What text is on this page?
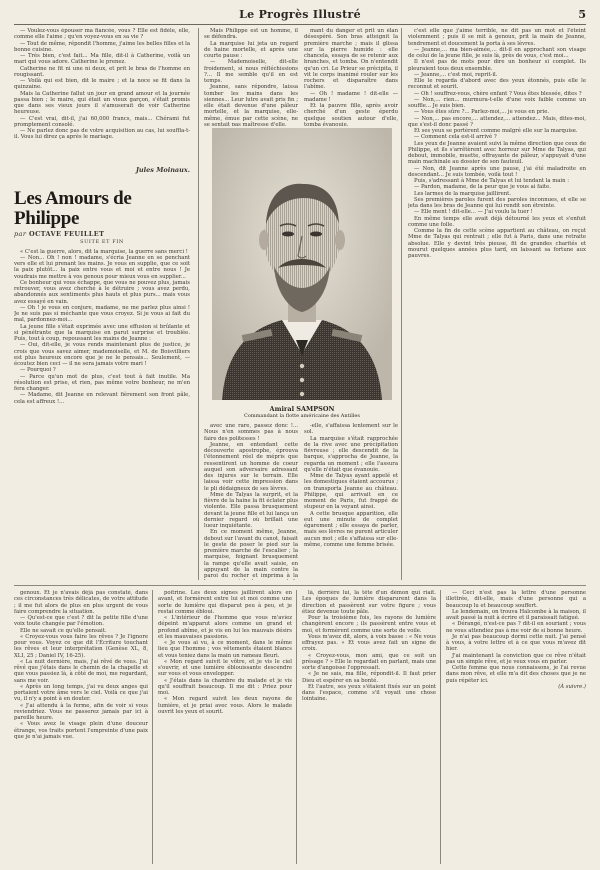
Le Progrès Illustré	5

— Voulez-vous épouser ma fiancée, vous ? Elle est fidèle, elle, comme elle l'aime ; qu'en voyez-vous en sa vie ?

— Tout de même, répondit l'homme, j'aime les belles filles et la bonne cuisine.

— Très bien, c'est fait... Ma fille, dit-il à Catherine, voilà un mari qui vous adore. Catherine le prenez.

Catherine ne fit ni une ni deux, et prit le bras de l'homme en rougissant.

— Voilà qui est bien, dit le maire ; et la noce se fit dans la quinzaine.

Mais la Catherine fallut un jour en grand amour et la journée passa bien ; le maire, qui était un vieux garçon, s'était promis que dans ses vieux jours il s'amuserait de voir Catherine heureuse.

— C'est vrai, dit-il, j'ai 60,000 francs, mais... Chérami fut promptement consolé.

— Ne parlez donc pas de votre acquisition au cas, lui souffla-t-il. Vous lui direz ça après le mariage.

Jules Moinaux.
Les Amours de Philippe
par OCTAVE FEUILLET
SUITE ET FIN

« C'est la guerre, alors, dit la marquise, la guerre sans merci !

— Non... Oh ! non ! madame, s'écria Jeanne en se penchant vers elle et lui prenant les mains. Je vous en supplie, que ce soit la paix plutôt... la paix entre vous et moi et entre nous ! Je voudrais me mettre à vos genoux pour mieux vous en supplier...

Ce bonheur qui vous échappe, que vous ne pouvez plus, jamais retrouver, vous avez cherché à le détruire ; vous avez perdu, abandonnés aux sentiments plus hauts et plus purs... mais vous avez essayé en vain.

— Oh ! je vous en conjure, madame, ne me parlez plus ainsi ! Je ne suis pas si méchante que vous croyez. Si je vous ai fait du mal, pardonnez-moi...

La jeune fille s'était exprimée avec une effusion si brûlante et si pénétrante que la marquise en parut surprise et troublée. Puis, tout à coup, repoussant les mains de Jeanne :

— Oui, dit-elle, je vous rends maintenant plus de justice, je crois que vous savez aimer, mademoiselle, et M. de Boisvilliers est plus heureux encore que je ne le pensais... Seulement, — écoutez bien ceci — il ne sera jamais votre mari !

— Pourquoi ?

— Parce qu'un mot de plus, c'est tout à fait inutile. Ma résolution est prise, et rien, pas même votre bonheur, ne m'en fera changer.

— Madame, dit Jeanne en relevant fièrement son front pâle, cela est affreux !...

Mais Philippe est un homme, il se défendra.

La marquise lui jeta un regard de haine mortelle, et après une courte pause :

— Mademoiselle, dit-elle froidement, si nous réfléchissions ?... Il me semble qu'il en est temps.

Jeanne, sans répondre, laissa tomber les mains dans les siennes... Leur lutre avait pris fin ; elle était devenue d'une pâleur mortelle, et la marquise, elle-même, émue par cette scène, ne se sentait pas maîtresse d'elle.

mant du danger et prit un élan désespéré. Son bras atteignit la première marche ; mais il glissa sur la pierre humide : elle chancela, essaya de se retenir aux branches, et tomba. On n'entendit qu'un cri. Le Prieur se précipita, il vit le corps inanimé rouler sur les rochers et disparaître dans l'abîme.

— Oh ! madame ! dit-elle — madame !

Et la pauvre fille, après avoir cherché d'un geste éperdu quelque soutien autour d'elle, tomba évanouie.

Amiral SAMPSON
Commandant la flotte américaine des Antilles

c'est elle que j'aime terrible, ne dit pas un mot et l'éteint violemment ; puis il se mit à genoux, prit la main de Jeanne, tendrement et doucement la porta à ses lèvres.

— Jeanne,... ma bien-aimée,... dit-il en approchant son visage de celui de la jeune fille, je suis là, près de vous, c'est moi...

Il n'est pas de mots pour dire un bonheur si complet. Ils pleuraient tous deux ensemble.

— Jeanne,... c'est moi, reprit-il.

Elle le regarda d'abord avec des yeux étonnés, puis elle le reconnut et sourit.

— Oh ! souffrez-vous, chère enfant ? Vous êtes blessée, dites ?

— Non,... rien... murmura-t-elle d'une voix faible comme un souffle... Je suis bien.

— Vous êtes sûre ?... Parlez-moi,... je vous en prie.

— Non,... pas encore,... attendez,... attendez... Mais, dites-moi, que s'est-il donc passé ?

Et ses yeux se portèrent comme malgré elle sur la marquise.

— Comment cela est-il arrivé ?

Les yeux de Jeanne avaient suivi la même direction que ceux de Philippe, et ils s'arrêtèrent avec horreur sur Mme de Talyas, qui debout, immobile, muette, effrayante de pâleur, s'appuyait d'une main machinale au dossier de son fauteuil.

— Non, dit Jeanne après une pause, j'ai été maladroite en descendant... Je suis tombée, voilà tout !

Puis, s'adressant à Mme de Talyas et lui tendant la main :

— Pardon, madame, de la peur que je vous ai faite.

Les larmes de la marquise jaillirent.

Ses premières paroles furent des paroles inconnues, et elle se jeta dans les bras de Jeanne qui lui rendit son étreinte.

— Elle ment ! dit-elle... — J'ai voulu la tuer !

En même temps elle avait déjà détourné les yeux et s'enfuit comme une folle.

Comme la fin de cette scène appartient au château, on reçut Mme de Talyas qui rentrait ; elle fut à Paris, dans une retraite absolue. Elle y devint très pieuse, fit de grandes charités et mourut quelques années plus tard, en laissant sa fortune aux pauvres.

avec une rare, passez donc !... Nous n'en sommes pas à nous faire des politesses !

Jeanne, en entendant cette découverte apostrophe, éprouva l'étonnement réel de mépris que ressentirent un homme de coeur auquel son adversaire adressant des injures sur le terrain. Elle laissa voir cette impression dans le pli dédaigneux de ses lèvres.

Mme de Talyas la surprit, et la fièvre de la haine la fit éclater plus violente. Elle passa brusquement devant la jeune fille et lui lança un dernier regard où brillait une lueur inquiétante.

En ce moment même, Jeanne, debout sur l'avant du canot, faisait le geste de poser le pied sur la première marche de l'escalier ; la marquise, feignant brusquement la rampe qu'elle avait saisie, en appuyant de la main contre la paroi du rocher et imprima à la

-elle, s'affaissa lentement sur le sol.

La marquise s'était rapprochée de la rive avec une précipitation fiévreuse ; elle descendit de la barque, s'approcha de Jeanne, la regarda un moment ; elle l'assura qu'elle n'était que évanouie.

Mme de Talyas ayant appelé et les domestiques étaient accourus ; on transporta Jeanne au château. Philippe, qui arrivait en ce moment de Paris, fut frappé de stupeur en la voyant ainsi.

A cette brusque apparition, elle eut une minute de complet égarement ; elle essaya de parler, mais ses lèvres ne purent articuler aucun mot ; elle s'affaissa sur elle-même, comme une femme brisée.

genoux. Et je n'avais déjà pas constaté, dans ces circonstances très délicates, de votre attitude ; il me fut alors de plus en plus urgent de vous faire comprendre la situation.

— Qu'est-ce que c'est ? dit la petite fille d'une voix toute changée par l'émotion.

Elle ne savait ce qu'elle pensait.

« Croyez-vous vous faire les rêves ? Je l'ignore pour vous. Voyez ce que dit l'Écriture touchant les rêves et leur interprétation (Genèse XL, 8, XLI, 25 ; Daniel IV, 16-25).

« La nuit dernière, mais, j'ai rêvé de vous. J'ai rêvé que j'étais dans le chemin de la chapelle et que vous passiez là, à côté de moi, me regardant, sans me voir.

« Après un long temps, j'ai vu deux anges qui portaient votre âme vers le ciel. Voilà ce que j'ai vu, il n'y a point à en douter.

« J'ai attendu à la ferme, afin de voir si vous reviendriez. Vous ne passerez jamais par ici à pareille heure.

« Vous avez le visage plein d'une douceur étrange, vos traits portent l'empreinte d'une paix que je n'ai jamais vue.

poitrine. Les deux signes jaillirent alors en avant, et formèrent entre lui et moi comme une sorte de lumière qui disparut peu à peu, et je restai comme ébloui.

« L'intérieur de l'homme que vous m'aviez dépeint m'apparut alors comme un grand et profond abîme, et je vis en lui les mauvais désirs et les mauvaises passions.

« Je vous ai vu, à ce moment, dans le même lieu que l'homme ; vos vêtements étaient blancs et vous teniez dans la main un rameau fleuri.

« Mon regard suivit le vôtre, et je vis le ciel s'ouvrir, et une lumière éblouissante descendre sur vous et vous envelopper.

« J'étais dans la chambre du malade et je vis qu'il souffrait beaucoup. Il me dit : Priez pour moi.

« Mon regard suivit les deux rayons de lumière, et je priai avec vous. Alors le malade ouvrit les yeux et sourit.

là, derrière lui, la tête d'un démon qui riait. Les époques de lumière disparurent dans la direction et passèrent sur votre figure ; vous étiez devenue toute pâle.

Pour la troisième fois, les rayons de lumière changèrent encore ; ils passèrent entre vous et moi, et formèrent comme une sorte de voile.

Vous m'avez dit, alors, à voix basse : « Ne vous effrayez pas. » Et vous avez fait un signe de croix.

« Croyez-vous, mon ami, que ce soit un présage ? » Elle le regardait en parlant, mais une sorte d'angoisse l'oppressait.

« Je ne sais, ma fille, répondit-il. Il faut prier Dieu et espérer en sa bonté.

Et l'autre, ses yeux s'étaient fixés sur un point dans l'espace, comme s'il voyait une chose lointaine.

— Ceci n'est pas la lettre d'une personne illettrée, dit-elle, mais d'une personne qui a beaucoup lu et beaucoup souffert.

Le lendemain, on trouva Halcombe à la maison, il avait passé la nuit à écrire et il paraissait fatigué.

« Dérangé, n'est-ce pas ? dit-il en souriant ; vous ne vous attendiez pas à me voir de si bonne heure.

Je n'ai pas beaucoup dormi cette nuit. J'ai pensé à vous, à votre lettre et à ce que vous m'avez dit hier.

J'ai maintenant la conviction que ce rêve n'était pas un simple rêve, et je veux vous en parler.

Cette femme que nous connaissons, je l'ai revue dans mon rêve, et elle m'a dit des choses que je ne puis répéter ici.

(À suivre.)
